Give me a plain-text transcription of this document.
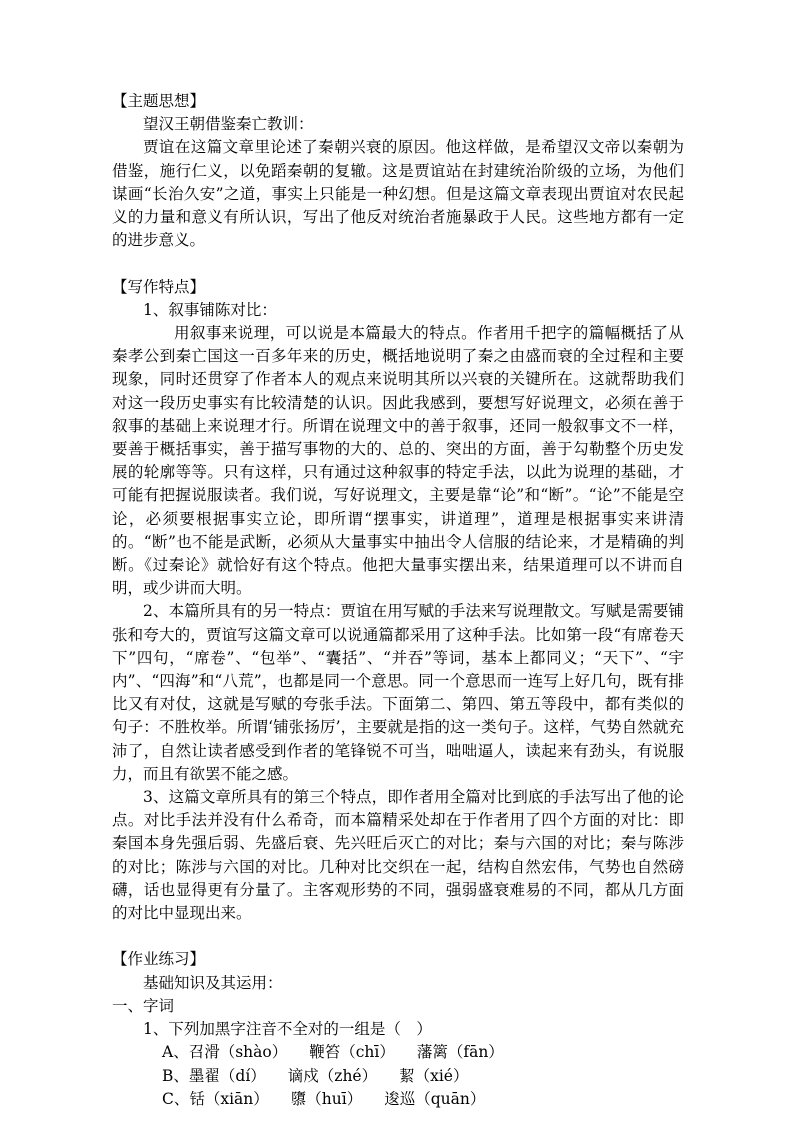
【主题思想】

望汉王朝借鉴秦亡教训：

贾谊在这篇文章里论述了秦朝兴衰的原因。他这样做，是希望汉文帝以秦朝为借鉴，施行仁义，以免蹈秦朝的复辙。这是贾谊站在封建统治阶级的立场，为他们谋画“长治久安”之道，事实上只能是一种幻想。但是这篇文章表现出贾谊对农民起义的力量和意义有所认识，写出了他反对统治者施暴政于人民。这些地方都有一定的进步意义。

【写作特点】

1、叙事铺陈对比：

用叙事来说理，可以说是本篇最大的特点。作者用千把字的篇幅概括了从秦孝公到秦亡国这一百多年来的历史，概括地说明了秦之由盛而衰的全过程和主要现象，同时还贯穿了作者本人的观点来说明其所以兴衰的关键所在。这就帮助我们对这一段历史事实有比较清楚的认识。因此我感到，要想写好说理文，必须在善于叙事的基础上来说理才行。所谓在说理文中的善于叙事，还同一般叙事文不一样，要善于概括事实，善于描写事物的大的、总的、突出的方面，善于勾勒整个历史发展的轮廓等等。只有这样，只有通过这种叙事的特定手法，以此为说理的基础，才可能有把握说服读者。我们说，写好说理文，主要是靠“论”和“断”。“论”不能是空论，必须要根据事实立论，即所谓“摆事实，讲道理”，道理是根据事实来讲清的。“断”也不能是武断，必须从大量事实中抽出令人信服的结论来，才是精确的判断。《过秦论》就恰好有这个特点。他把大量事实摆出来，结果道理可以不讲而自明，或少讲而大明。

2、本篇所具有的另一特点：贾谊在用写赋的手法来写说理散文。写赋是需要铺张和夸大的，贾谊写这篇文章可以说通篇都采用了这种手法。比如第一段“有席卷天下”四句，“席卷”、“包举”、“囊括”、“并吞”等词，基本上都同义；“天下”、“宇内”、“四海”和“八荒”，也都是同一个意思。同一个意思而一连写上好几句，既有排比又有对仗，这就是写赋的夸张手法。下面第二、第四、第五等段中，都有类似的句子：不胜枚举。所谓‘铺张扬厉’，主要就是指的这一类句子。这样，气势自然就充沛了，自然让读者感受到作者的笔锋锐不可当，咄咄逼人，读起来有劲头，有说服力，而且有欲罢不能之感。

3、这篇文章所具有的第三个特点，即作者用全篇对比到底的手法写出了他的论点。对比手法并没有什么希奇，而本篇精采处却在于作者用了四个方面的对比：即秦国本身先强后弱、先盛后衰、先兴旺后灭亡的对比；秦与六国的对比；秦与陈涉的对比；陈涉与六国的对比。几种对比交织在一起，结构自然宏伟，气势也自然磅礴，话也显得更有分量了。主客观形势的不同，强弱盛衰难易的不同，都从几方面的对比中显现出来。

【作业练习】

基础知识及其运用：

一、字词

1、下列加黑字注音不全对的一组是（　）

A、召滑（shào） 鞭笞（chī） 藩篱（fān）

B、墨翟（dí） 谪戍（zhé） 絜（xié）

C、铦（xiān） 隳（huī） 逡巡（quān）
